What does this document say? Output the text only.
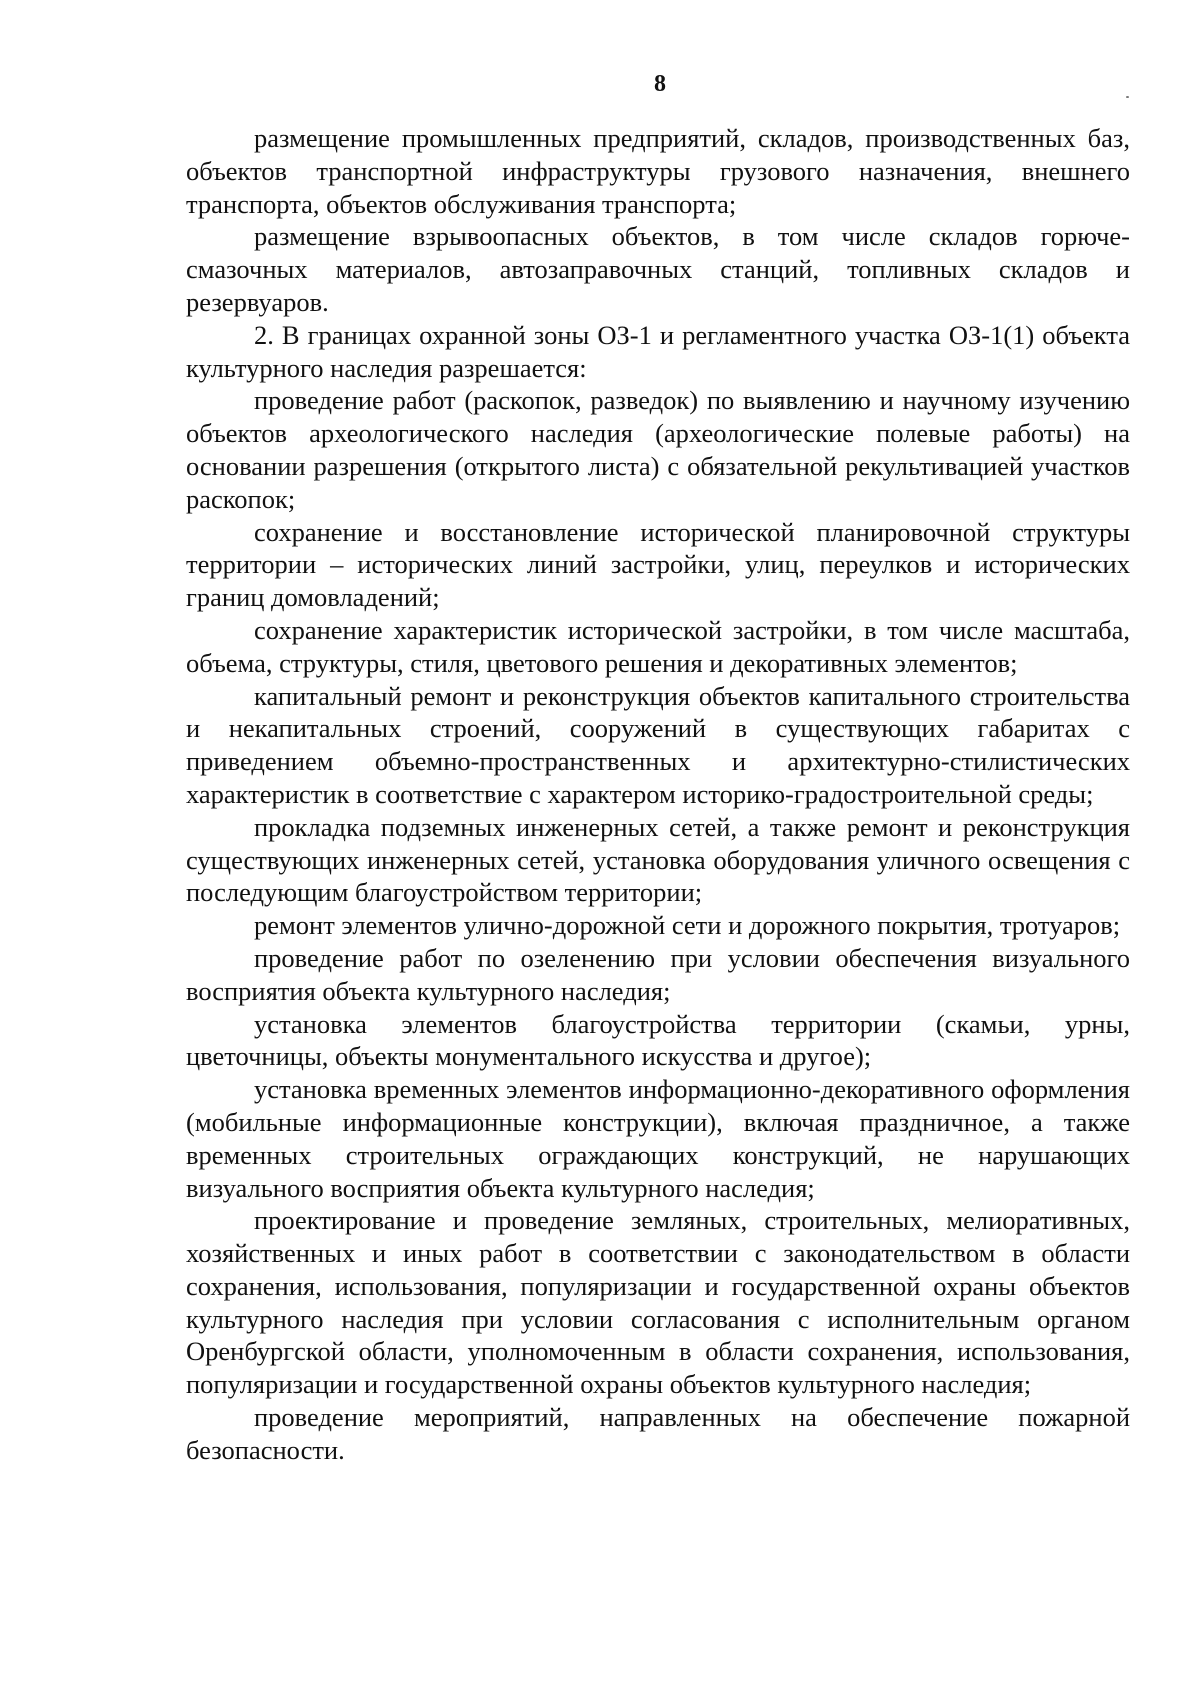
8

размещение промышленных предприятий, складов, производственных баз, объектов транспортной инфраструктуры грузового назначения, внешнего транспорта, объектов обслуживания транспорта;

размещение взрывоопасных объектов, в том числе складов горюче-смазочных материалов, автозаправочных станций, топливных складов и резервуаров.

2. В границах охранной зоны ОЗ-1 и регламентного участка ОЗ-1(1) объекта культурного наследия разрешается:

проведение работ (раскопок, разведок) по выявлению и научному изучению объектов археологического наследия (археологические полевые работы) на основании разрешения (открытого листа) с обязательной рекультивацией участков раскопок;

сохранение и восстановление исторической планировочной структуры территории – исторических линий застройки, улиц, переулков и исторических границ домовладений;

сохранение характеристик исторической застройки, в том числе масштаба, объема, структуры, стиля, цветового решения и декоративных элементов;

капитальный ремонт и реконструкция объектов капитального строительства и некапитальных строений, сооружений в существующих габаритах с приведением объемно-пространственных и архитектурно-стилистических характеристик в соответствие с характером историко-градостроительной среды;

прокладка подземных инженерных сетей, а также ремонт и реконструкция существующих инженерных сетей, установка оборудования уличного освещения с последующим благоустройством территории;

ремонт элементов улично-дорожной сети и дорожного покрытия, тротуаров;

проведение работ по озеленению при условии обеспечения визуального восприятия объекта культурного наследия;

установка элементов благоустройства территории (скамьи, урны, цветочницы, объекты монументального искусства и другое);

установка временных элементов информационно-декоративного оформления (мобильные информационные конструкции), включая праздничное, а также временных строительных ограждающих конструкций, не нарушающих визуального восприятия объекта культурного наследия;

проектирование и проведение земляных, строительных, мелиоративных, хозяйственных и иных работ в соответствии с законодательством в области сохранения, использования, популяризации и государственной охраны объектов культурного наследия при условии согласования с исполнительным органом Оренбургской области, уполномоченным в области сохранения, использования, популяризации и государственной охраны объектов культурного наследия;

проведение мероприятий, направленных на обеспечение пожарной безопасности.
